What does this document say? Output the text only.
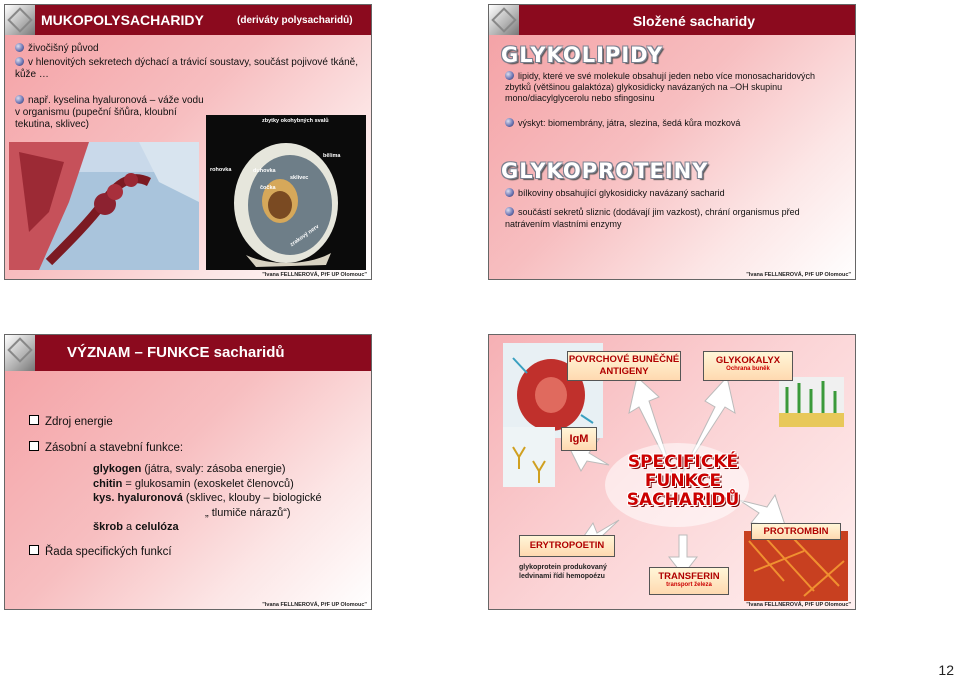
MUKOPOLYSACHARIDY	(deriváty polysacharidů)
živočišný původ
v hlenovitých sekretech dýchací a trávicí soustavy, součást pojivové tkáně, kůže …
např. kyselina hyaluronová – váže vodu v organismu (pupeční šňůra, kloubní tekutina, sklivec)	zbytky okohybných svalů
bělima
rohovka	duhovka
sklivec
čočka
zrakový nerv
"Ivana FELLNEROVÁ, PřF UP Olomouc"
Složené sacharidy
GLYKOLIPIDY
lipidy, které ve své molekule obsahují jeden nebo více monosacharidových zbytků (většinou galaktóza) glykosidicky navázaných na –OH skupinu mono/diacylglycerolu nebo sfingosinu
výskyt: biomembrány, játra, slezina, šedá kůra mozková
GLYKOPROTEINY
bílkoviny obsahující glykosidicky navázaný sacharid
součástí sekretů sliznic (dodávají jim vazkost), chrání organismus před natrávením vlastními enzymy
"Ivana FELLNEROVÁ, PřF UP Olomouc"
VÝZNAM – FUNKCE sacharidů
Zdroj energie
Zásobní a stavební funkce:
glykogen (játra, svaly: zásoba energie)
chitin = glukosamin (exoskelet členovců)
kys. hyaluronová (sklivec, klouby – biologické
„ tlumiče nárazů“)
škrob a celulóza
Řada specifických funkcí
"Ivana FELLNEROVÁ, PřF UP Olomouc"
SPECIFICKÉ
FUNKCE
SACHARIDŮ
POVRCHOVÉ BUNĚČNÉ ANTIGENY
GLYKOKALYX
Ochrana buněk
IgM
PROTROMBIN
ERYTROPOETIN
glykoprotein produkovaný ledvinami řídí hemopoézu	TRANSFERIN
transport železa
"Ivana FELLNEROVÁ, PřF UP Olomouc"
12
